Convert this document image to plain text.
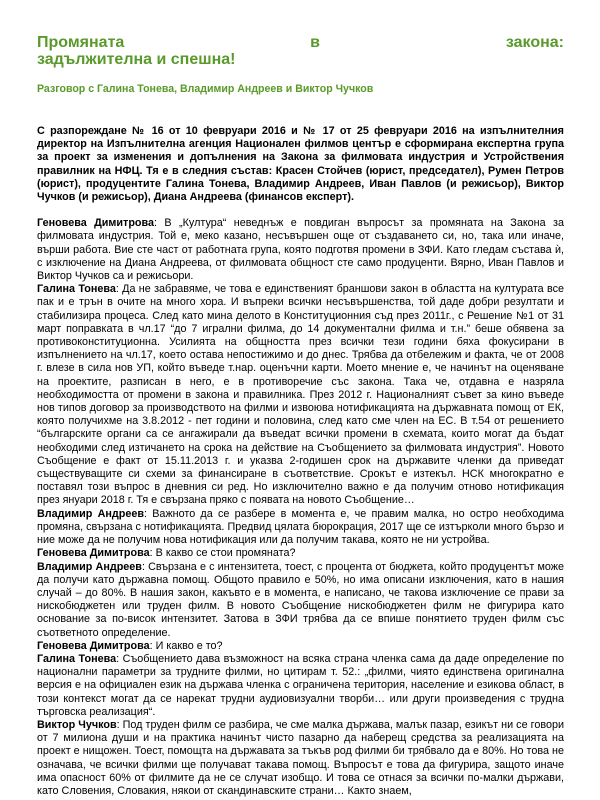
Промяната	в	закона:
задължителна и спешна!

Разговор с Галина Тонева, Владимир Андреев и Виктор Чучков

С разпореждане № 16 от 10 февруари 2016 и № 17 от 25 февруари 2016 на изпълнителния директор на Изпълнителна агенция Национален филмов център е сформирана експертна група за проект за изменения и допълнения на Закона за филмовата индустрия и Устройствения правилник на НФЦ. Тя е в следния състав: Красен Стойчев (юрист, председател), Румен Петров (юрист), продуцентите Галина Тонева, Владимир Андреев, Иван Павлов (и режисьор), Виктор Чучков (и режисьор), Диана Андреева (финансов експерт).

Геновева Димитрова: В „Култура“ неведнъж е повдиган въпросът за промяната на Закона за филмовата индустрия. Той е, меко казано, несъвършен още от създаването си, но, така или иначе, върши работа. Вие сте част от работната група, която подготвя промени в ЗФИ. Като гледам състава ѝ, с изключение на Диана Андреева, от филмовата общност сте само продуценти. Вярно, Иван Павлов и Виктор Чучков са и режисьори.

Галина Тонева: Да не забравяме, че това е единственият браншови закон в областта на културата все пак и е трън в очите на много хора. И въпреки всички несъвършенства, той даде добри резултати и стабилизира процеса. След като мина делото в Конституционния съд през 2011г., с Решение №1 от 31 март поправката в чл.17 “до 7 игрални филма, до 14 документални филма и т.н.” беше обявена за противоконституционна. Усилията на общността през всички тези години бяха фокусирани в изпълнението на чл.17, което остава непостижимо и до днес. Трябва да отбележим и факта, че от 2008 г. влезе в сила нов УП, който въведе т.нар. оценъчни карти. Моето мнение е, че начинът на оценяване на проектите, разписан в него, е в противоречие със закона. Така че, отдавна е назряла необходимостта от промени в закона и правилника. През 2012 г. Националният съвет за кино въведе нов типов договор за производството на филми и извоюва нотификацията на държавната помощ от ЕК, която получихме на 3.8.2012 - пет години и половина, след като сме член на ЕС. В т.54 от решението “българските органи са се ангажирали да въведат всички промени в схемата, които могат да бъдат необходими след изтичането на срока на действие на Съобщението за филмовата индустрия”. Новото Съобщение е факт от 15.11.2013 г. и указва 2-годишен срок на държавите членки да приведат съществуващите си схеми за финансиране в съответствие. Срокът е изтекъл. НСК многократно е поставял този въпрос в дневния си ред. Но изключително важно е да получим отново нотификация през януари 2018 г. Тя е свързана пряко с появата на новото Съобщение…

Владимир Андреев: Важното да се разбере в момента е, че правим малка, но остро необходима промяна, свързана с нотификацията. Предвид цялата бюрокрация, 2017 ще се изтърколи много бързо и ние може да не получим нова нотификация или да получим такава, която не ни устройва.

Геновева Димитрова: В какво се стои промяната?

Владимир Андреев: Свързана е с интензитета, тоест, с процента от бюджета, който продуцентът може да получи като държавна помощ. Общото правило е 50%, но има описани изключения, като в нашия случай – до 80%. В нашия закон, какъвто е в момента, е написано, че такова изключение се прави за нискобюджетен или труден филм. В новото Съобщение нискобюджетен филм не фигурира като основание за по-висок интензитет. Затова в ЗФИ трябва да се впише понятието труден филм със съответното определение.

Геновева Димитрова: И какво е то?

Галина Тонева: Съобщението дава възможност на всяка страна членка сама да даде определение по национални параметри за трудните филми, но цитирам т. 52.: „филми, чиято единствена оригинална версия е на официален език на държава членка с ограничена територия, население и езикова област, в този контекст могат да се нарекат трудни аудиовизуални творби… или други произведения с трудна търговска реализация“.

Виктор Чучков: Под труден филм се разбира, че сме малка държава, малък пазар, езикът ни се говори от 7 милиона души и на практика начинът чисто пазарно да наберещ средства за реализацията на проект е нищожен. Тоест, помощта на държавата за тъкъв род филми би трябвало да е 80%. Но това не означава, че всички филми ще получават такава помощ. Въпросът е това да фигурира, защото иначе има опасност 60% от филмите да не се случат изобщо. И това се отнася за всички по-малки държави, като Словения, Словакия, някои от скандинавските страни… Както знаем,
